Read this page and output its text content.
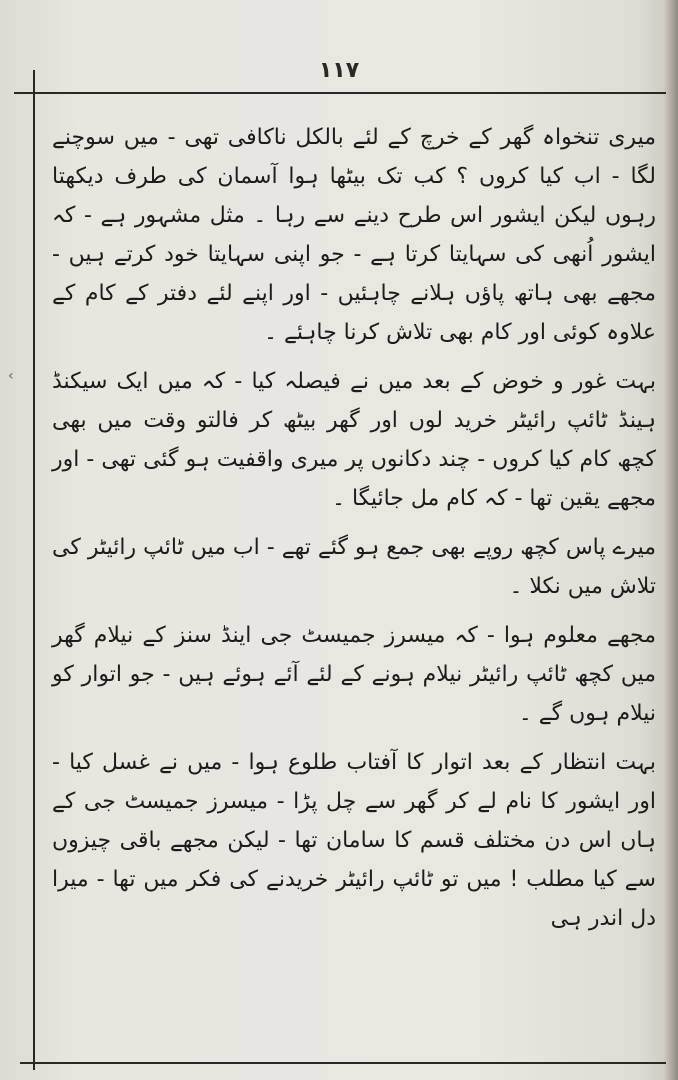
۱۱۷
‹

میری تنخواہ گھر کے خرچ کے لئے بالکل ناکافی تھی - میں سوچنے لگا - اب کیا کروں ؟ کب تک بیٹھا ہوا آسمان کی طرف دیکھتا رہوں لیکن ایشور اس طرح دینے سے رہا ۔ مثل مشہور ہے - کہ ایشور اُنھی کی سہایتا کرتا ہے - جو اپنی سہایتا خود کرتے ہیں - مجھے بھی ہاتھ پاؤں ہلانے چاہئیں - اور اپنے لئے دفتر کے کام کے علاوہ کوئی اور کام بھی تلاش کرنا چاہئے ۔

بہت غور و خوض کے بعد میں نے فیصلہ کیا - کہ میں ایک سیکنڈ ہینڈ ٹائپ رائیٹر خرید لوں اور گھر بیٹھ کر فالتو وقت میں بھی کچھ کام کیا کروں - چند دکانوں پر میری واقفیت ہو گئی تھی - اور مجھے یقین تھا - کہ کام مل جائیگا ۔

میرے پاس کچھ روپے بھی جمع ہو گئے تھے - اب میں ٹائپ رائیٹر کی تلاش میں نکلا ۔

مجھے معلوم ہوا - کہ میسرز جمیسٹ جی اینڈ سنز کے نیلام گھر میں کچھ ٹائپ رائیٹر نیلام ہونے کے لئے آئے ہوئے ہیں - جو اتوار کو نیلام ہوں گے ۔

بہت انتظار کے بعد اتوار کا آفتاب طلوع ہوا - میں نے غسل کیا - اور ایشور کا نام لے کر گھر سے چل پڑا - میسرز جمیسٹ جی کے ہاں اس دن مختلف قسم کا سامان تھا - لیکن مجھے باقی چیزوں سے کیا مطلب ! میں تو ٹائپ رائیٹر خریدنے کی فکر میں تھا - میرا دل اندر ہی
